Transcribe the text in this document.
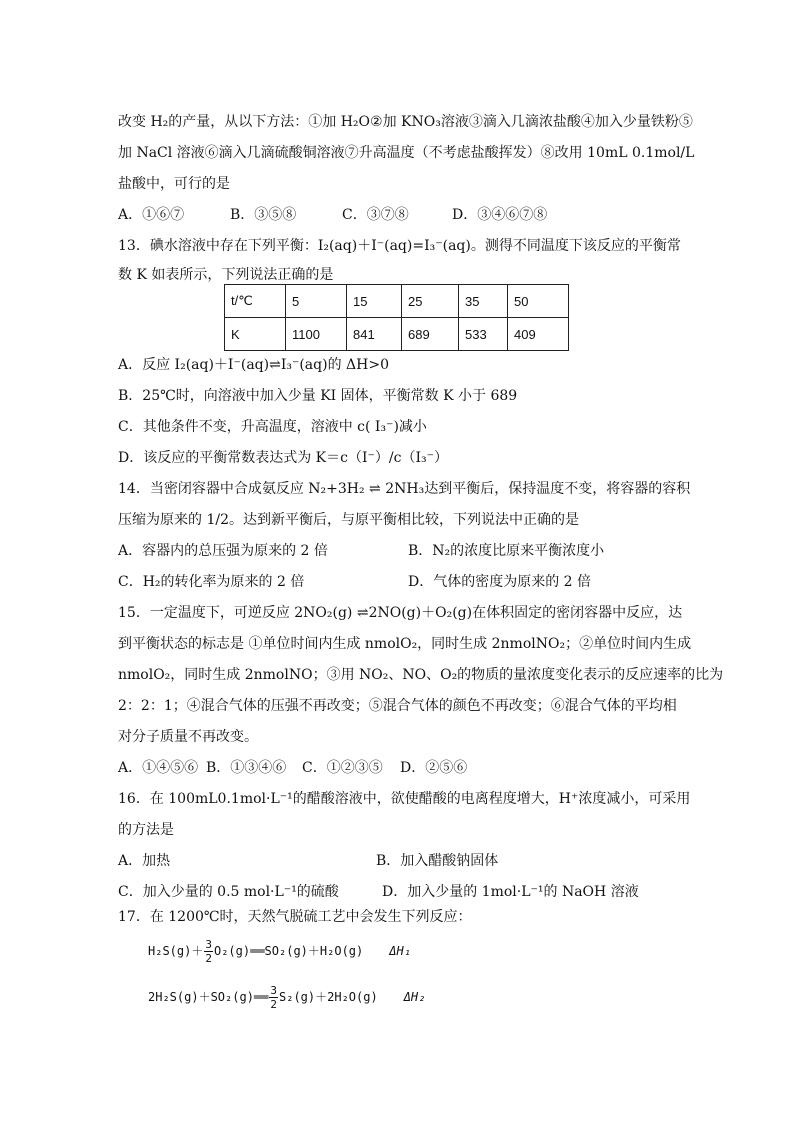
改变 H₂的产量，从以下方法：①加 H₂O②加 KNO₃溶液③滴入几滴浓盐酸④加入少量铁粉⑤
加 NaCl 溶液⑥滴入几滴硫酸铜溶液⑦升高温度（不考虑盐酸挥发）⑧改用 10mL 0.1mol/L
盐酸中，可行的是
A．①⑥⑦	B．③⑤⑧	C．③⑦⑧	D．③④⑥⑦⑧
13．碘水溶液中存在下列平衡：I₂(aq)＋I⁻(aq)=I₃⁻(aq)。测得不同温度下该反应的平衡常
数 K 如表所示，下列说法正确的是
t/℃	5	15	25	35	50
K	1100	841	689	533	409
A．反应 I₂(aq)＋I⁻(aq)⇌I₃⁻(aq)的 ΔH>0
B．25℃时，向溶液中加入少量 KI 固体，平衡常数 K 小于 689
C．其他条件不变，升高温度，溶液中 c( I₃⁻)减小
D．该反应的平衡常数表达式为 K＝c（I⁻）/c（I₃⁻）
14．当密闭容器中合成氨反应 N₂+3H₂ ⇌ 2NH₃达到平衡后，保持温度不变，将容器的容积
压缩为原来的 1/2。达到新平衡后，与原平衡相比较，下列说法中正确的是
A．容器内的总压强为原来的 2 倍	B．N₂的浓度比原来平衡浓度小
C．H₂的转化率为原来的 2 倍	D．气体的密度为原来的 2 倍
15．一定温度下，可逆反应 2NO₂(g) ⇌2NO(g)＋O₂(g)在体积固定的密闭容器中反应，达
到平衡状态的标志是 ①单位时间内生成 nmolO₂，同时生成 2nmolNO₂；②单位时间内生成
nmolO₂，同时生成 2nmolNO；③用 NO₂、NO、O₂的物质的量浓度变化表示的反应速率的比为
2：2：1；④混合气体的压强不再改变；⑤混合气体的颜色不再改变；⑥混合气体的平均相
对分子质量不再改变。
A．①④⑤⑥ B．①③④⑥ C．①②③⑤ D．②⑤⑥
16．在 100mL0.1mol·L⁻¹的醋酸溶液中，欲使醋酸的电离程度增大，H⁺浓度减小，可采用
的方法是
A．加热	B．加入醋酸钠固体
C．加入少量的 0.5 mol·L⁻¹的硫酸	D．加入少量的 1mol·L⁻¹的 NaOH 溶液
17．在 1200℃时，天然气脱硫工艺中会发生下列反应：
$H_2S(g)+ \frac{3}{2}$ O₂(g)══SO₂(g)＋H₂O(g) ΔH₁
2H₂S(g)＋SO₂(g)══ $\frac{3}{2} S_2(g)+2H_2O(g)$ ΔH₂
